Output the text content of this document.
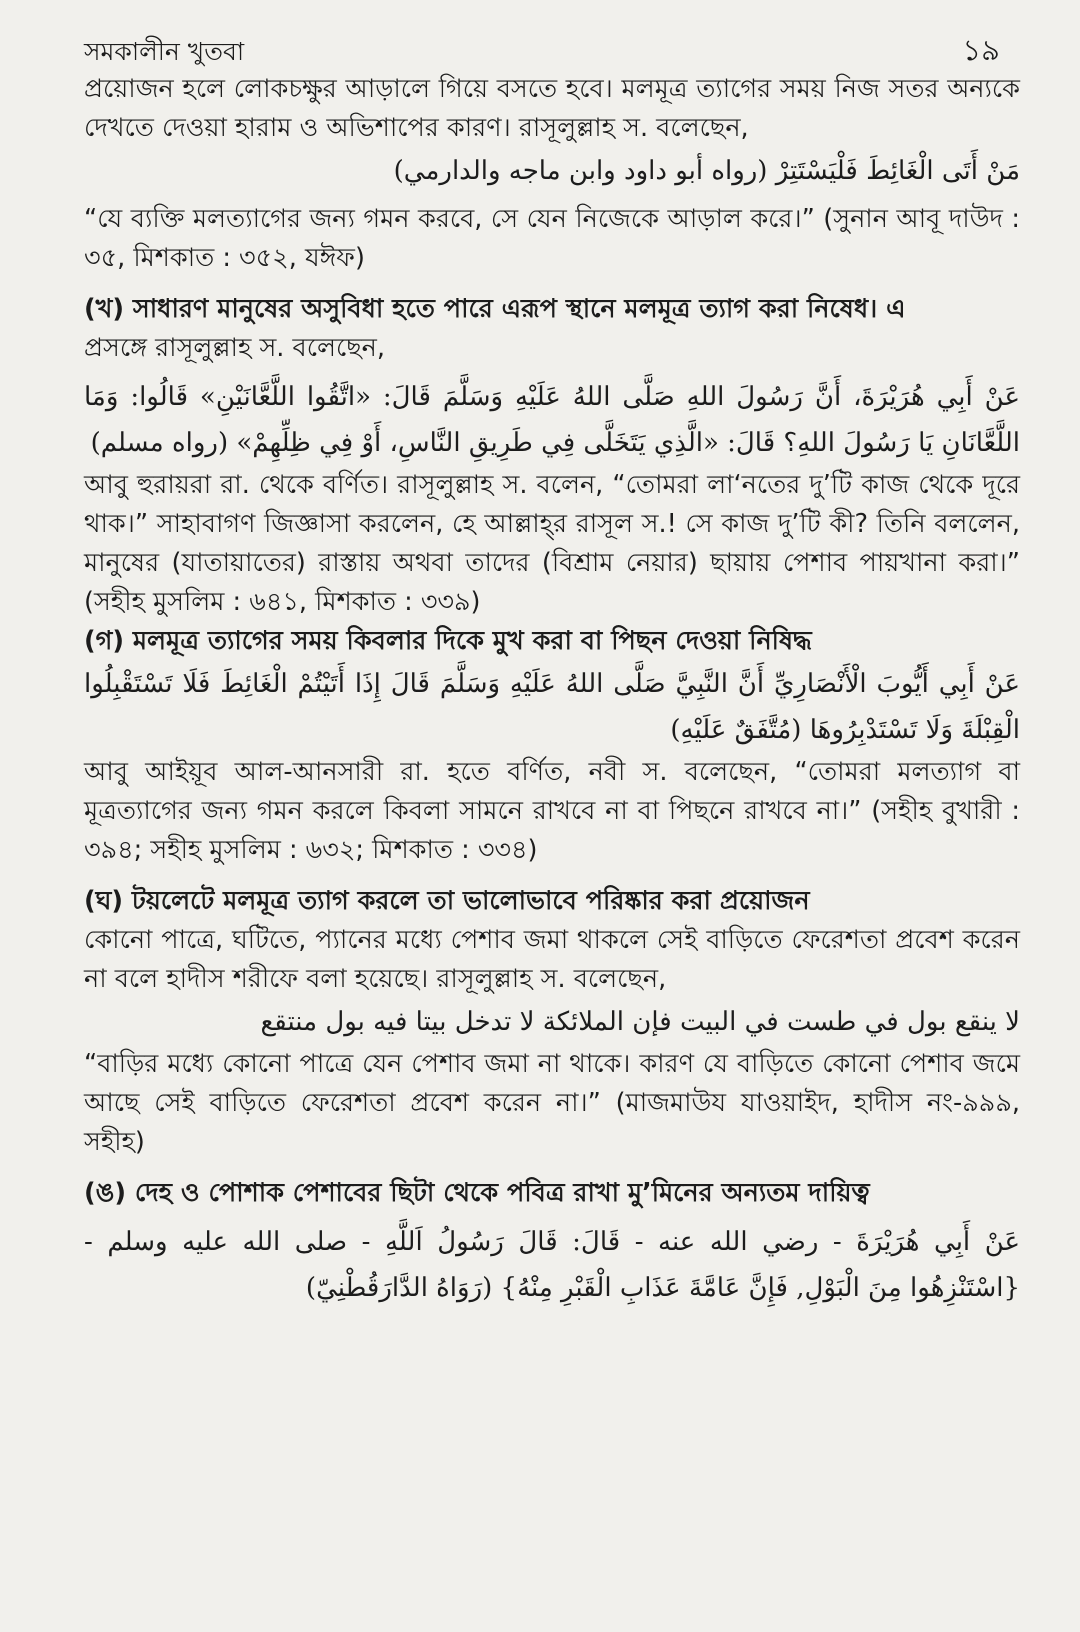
সমকালীন খুতবা	১৯

প্রয়োজন হলে লোকচক্ষুর আড়ালে গিয়ে বসতে হবে। মলমূত্র ত্যাগের সময় নিজ সতর অন্যকে দেখতে দেওয়া হারাম ও অভিশাপের কারণ। রাসূলুল্লাহ স. বলেছেন,

مَنْ أَتَى الْغَائِطَ فَلْيَسْتَتِرْ (رواه أبو داود وابن ماجه والدارمي)

“যে ব্যক্তি মলত্যাগের জন্য গমন করবে, সে যেন নিজেকে আড়াল করে।” (সুনান আবূ দাউদ : ৩৫, মিশকাত : ৩৫২, যঈফ)

(খ) সাধারণ মানুষের অসুবিধা হতে পারে এরূপ স্থানে মলমূত্র ত্যাগ করা নিষেধ। এ

প্রসঙ্গে রাসূলুল্লাহ স. বলেছেন,

عَنْ أَبِي هُرَيْرَةَ، أَنَّ رَسُولَ اللهِ صَلَّى اللهُ عَلَيْهِ وَسَلَّمَ قَالَ: «اتَّقُوا اللَّعَّانَيْنِ» قَالُوا: وَمَا اللَّعَّانَانِ يَا رَسُولَ اللهِ؟ قَالَ: «الَّذِي يَتَخَلَّى فِي طَرِيقِ النَّاسِ، أَوْ فِي ظِلِّهِمْ» (رواه مسلم)

আবু হুরায়রা রা. থেকে বর্ণিত। রাসূলুল্লাহ স. বলেন, “তোমরা লা‘নতের দু’টি কাজ থেকে দূরে থাক।” সাহাবাগণ জিজ্ঞাসা করলেন, হে আল্লাহ্‌র রাসূল স.! সে কাজ দু’টি কী? তিনি বললেন, মানুষের (যাতায়াতের) রাস্তায় অথবা তাদের (বিশ্রাম নেয়ার) ছায়ায় পেশাব পায়খানা করা।” (সহীহ মুসলিম : ৬৪১, মিশকাত : ৩৩৯)

(গ) মলমূত্র ত্যাগের সময় কিবলার দিকে মুখ করা বা পিছন দেওয়া নিষিদ্ধ

عَنْ أَبِي أَيُّوبَ الْأَنْصَارِيِّ أَنَّ النَّبِيَّ صَلَّى اللهُ عَلَيْهِ وَسَلَّمَ قَالَ إِذَا أَتَيْتُمْ الْغَائِطَ فَلَا تَسْتَقْبِلُوا الْقِبْلَةَ وَلَا تَسْتَدْبِرُوهَا (مُتَّفَقٌ عَلَيْهِ)

আবু আইয়ূব আল-আনসারী রা. হতে বর্ণিত, নবী স. বলেছেন, “তোমরা মলত্যাগ বা মূত্রত্যাগের জন্য গমন করলে কিবলা সামনে রাখবে না বা পিছনে রাখবে না।” (সহীহ বুখারী : ৩৯৪; সহীহ মুসলিম : ৬৩২; মিশকাত : ৩৩৪)

(ঘ) টয়লেটে মলমূত্র ত্যাগ করলে তা ভালোভাবে পরিষ্কার করা প্রয়োজন

কোনো পাত্রে, ঘটিতে, প্যানের মধ্যে পেশাব জমা থাকলে সেই বাড়িতে ফেরেশতা প্রবেশ করেন না বলে হাদীস শরীফে বলা হয়েছে। রাসূলুল্লাহ স. বলেছেন,

لا ينقع بول في طست في البيت فإن الملائكة لا تدخل بيتا فيه بول منتقع

“বাড়ির মধ্যে কোনো পাত্রে যেন পেশাব জমা না থাকে। কারণ যে বাড়িতে কোনো পেশাব জমে আছে সেই বাড়িতে ফেরেশতা প্রবেশ করেন না।” (মাজমাউয যাওয়াইদ, হাদীস নং-৯৯৯, সহীহ)

(ঙ) দেহ ও পোশাক পেশাবের ছিটা থেকে পবিত্র রাখা মু’মিনের অন্যতম দায়িত্ব

عَنْ أَبِي هُرَيْرَةَ - رضي الله عنه - قَالَ: قَالَ رَسُولُ اَللَّهِ - صلى الله عليه وسلم - {اسْتَنْزِهُوا مِنَ الْبَوْلِ, فَإِنَّ عَامَّةَ عَذَابِ الْقَبْرِ مِنْهُ} (رَوَاهُ الدَّارَقُطْنِيّ)
